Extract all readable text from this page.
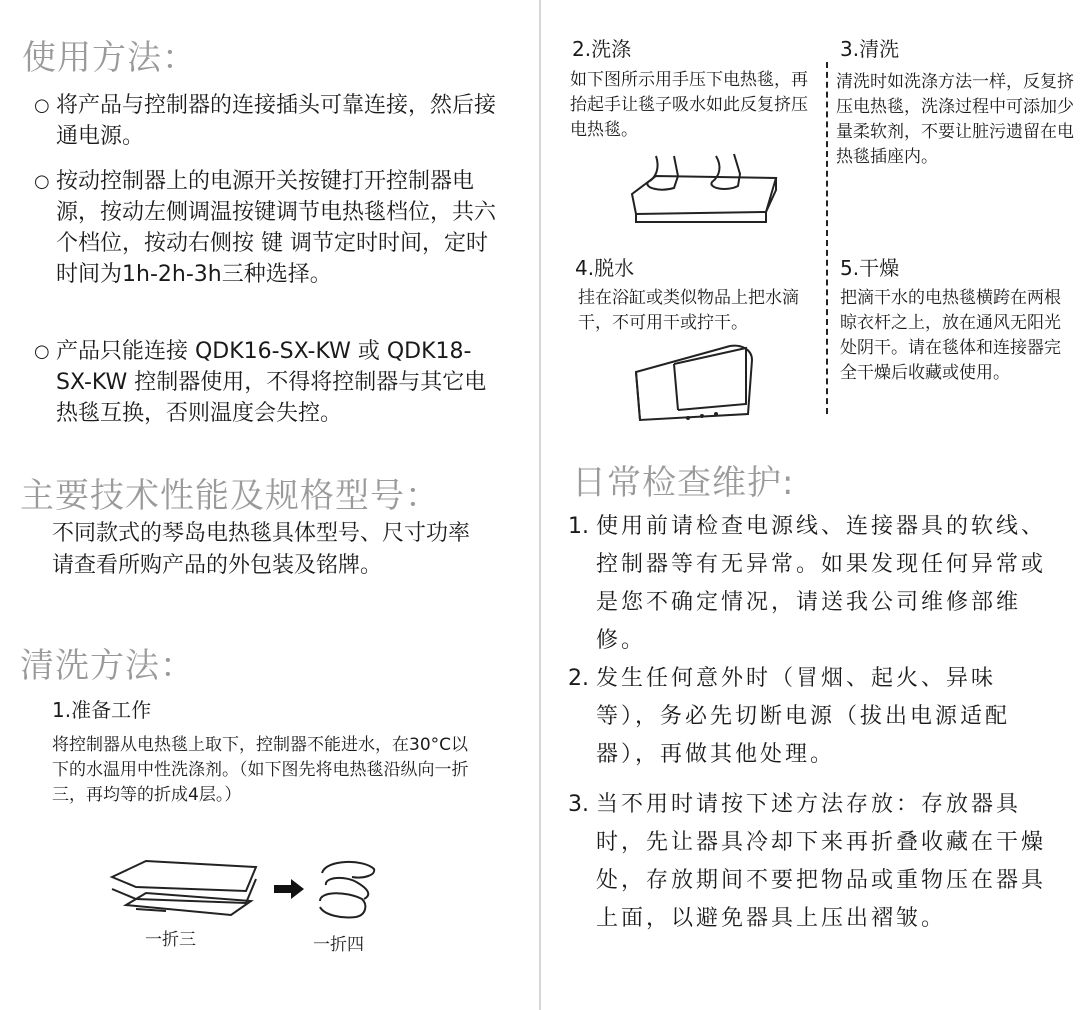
使用方法：
○ 将产品与控制器的连接插头可靠连接，然后接通电源。
○ 按动控制器上的电源开关按键打开控制器电源，按动左侧调温按键调节电热毯档位，共六个档位，按动右侧按 键 调节定时时间，定时时间为1h-2h-3h三种选择。
○ 产品只能连接 QDK16-SX-KW 或 QDK18-SX-KW 控制器使用，不得将控制器与其它电热毯互换，否则温度会失控。
主要技术性能及规格型号：
不同款式的琴岛电热毯具体型号、尺寸功率请查看所购产品的外包装及铭牌。
清洗方法：
1.准备工作
将控制器从电热毯上取下，控制器不能进水，在30°C以下的水温用中性洗涤剂。（如下图先将电热毯沿纵向一折三，再均等的折成4层。）
一折三	一折四
2.洗涤
如下图所示用手压下电热毯，再抬起手让毯子吸水如此反复挤压电热毯。
3.清洗
清洗时如洗涤方法一样，反复挤压电热毯，洗涤过程中可添加少量柔软剂，不要让脏污遗留在电热毯插座内。
4.脱水
挂在浴缸或类似物品上把水滴干，不可用干或拧干。
5.干燥
把滴干水的电热毯横跨在两根晾衣杆之上，放在通风无阳光处阴干。请在毯体和连接器完全干燥后收藏或使用。
日常检查维护:
1. 使用前请检查电源线、连接器具的软线、控制器等有无异常。如果发现任何异常或是您不确定情况，请送我公司维修部维修。
2. 发生任何意外时（冒烟、起火、异味等），务必先切断电源（拔出电源适配器），再做其他处理。
3. 当不用时请按下述方法存放：存放器具时，先让器具冷却下来再折叠收藏在干燥处，存放期间不要把物品或重物压在器具上面，以避免器具上压出褶皱。
